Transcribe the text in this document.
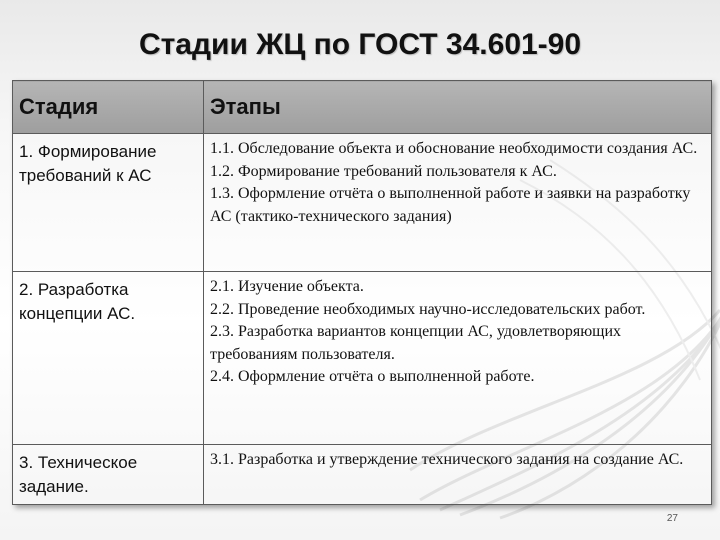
Стадии ЖЦ по ГОСТ 34.601-90
Стадия	Этапы
1. Формирование требований к АС	1.1. Обследование объекта и обоснование необходимости создания АС.
1.2. Формирование требований пользователя к АС.
1.3. Оформление отчёта о выполненной работе и заявки на разработку АС (тактико-технического задания)

2. Разработка концепции АС.	2.1. Изучение объекта.
2.2. Проведение необходимых научно-исследовательских работ.
2.3. Разработка вариантов концепции АС, удовлетворяющих требованиям пользователя.
2.4. Оформление отчёта о выполненной работе.

3. Техническое задание.	3.1. Разработка и утверждение технического задания на создание АС.
27
